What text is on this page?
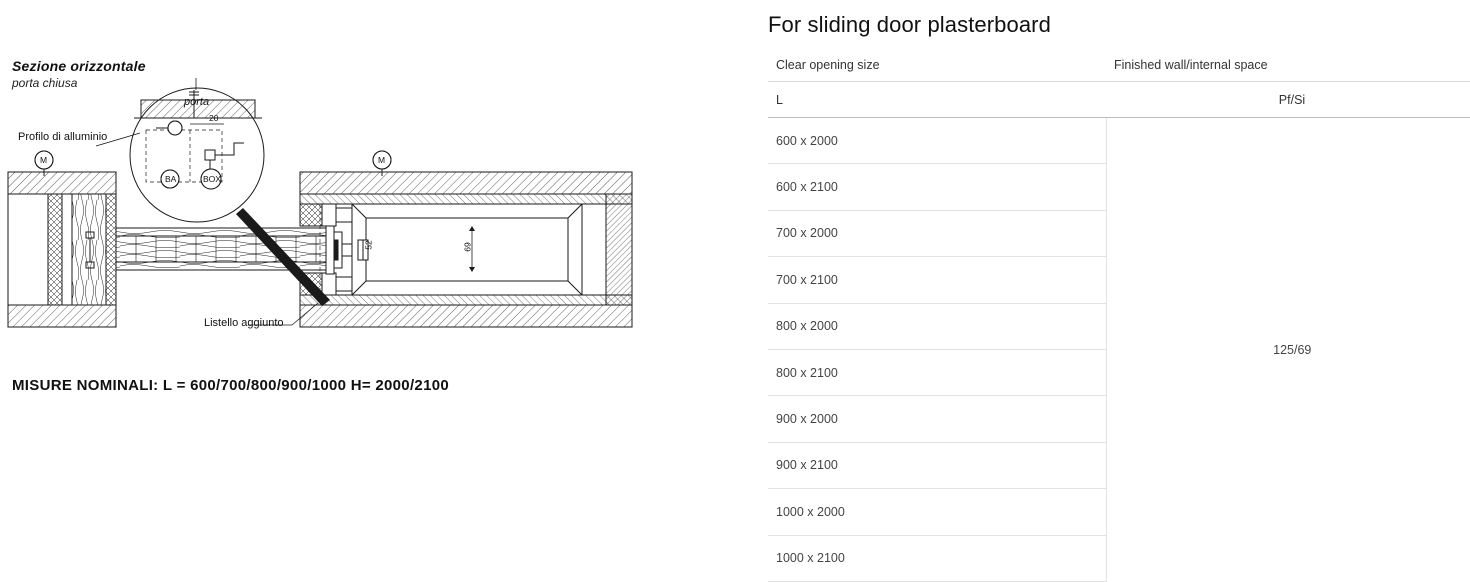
Sezione orizzontale
porta chiusa
Profilo di alluminio
porta
~20
Listello aggiunto
BA	BOX
M	M
69
52
MISURE NOMINALI: L = 600/700/800/900/1000 H= 2000/2100
For sliding door plasterboard
Clear opening size	Finished wall/internal space
L	Pf/Si
600 x 2000	125/69
600 x 2100	
700 x 2000	
700 x 2100	
800 x 2000	
800 x 2100	
900 x 2000	
900 x 2100	
1000 x 2000	
1000 x 2100	
